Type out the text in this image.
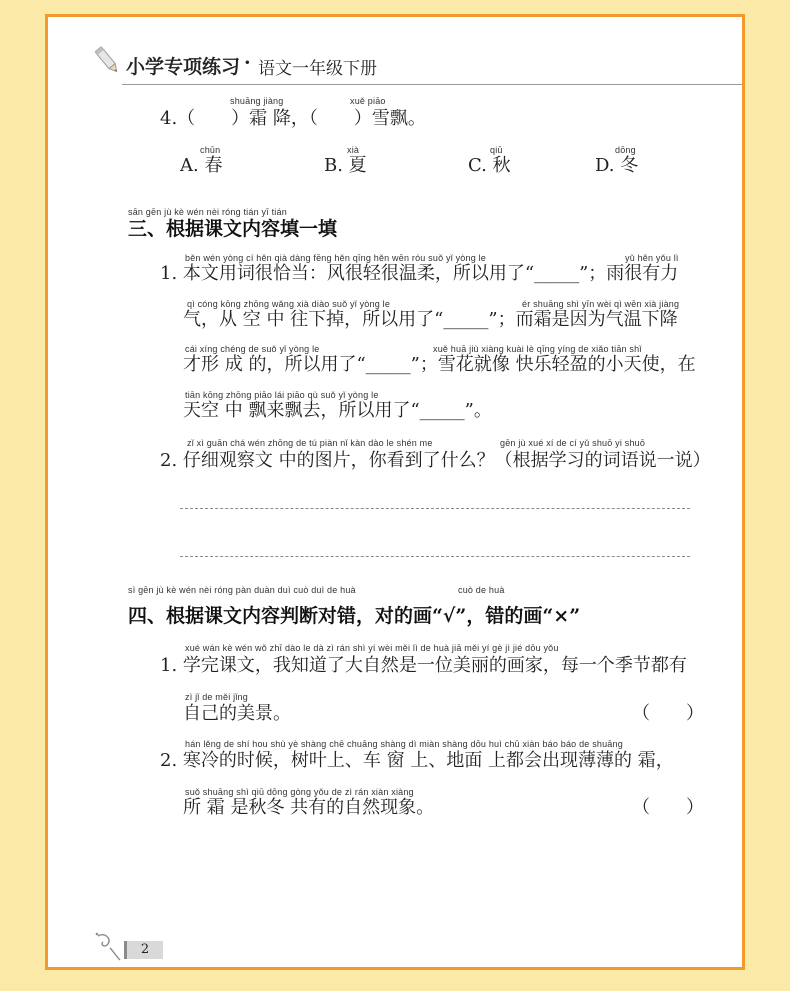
小学专项练习 · 语文一年级下册
shuāng jiàng	xuě piāo
4.（　　）霜 降，（　　）雪飘。
chūn
A. 春
xià
B. 夏
qiū
C. 秋
dōng
D. 冬
sān gēn jù kè wén nèi róng tián yī tián
三、根据课文内容填一填
běn wén yòng cí hěn qià dàng fēng hěn qīng hěn wēn róu suǒ yǐ yòng le	yǔ hěn yǒu lì
1. 本文用词很恰当：风很轻很温柔，所以用了“_____”；雨很有力
qì cóng kōng zhōng wǎng xià diào suǒ yǐ yòng le	ér shuāng shì yīn wèi qì wēn xià jiàng
气，从 空 中 往下掉，所以用了“_____”；而霜是因为气温下降
cái xíng chéng de suǒ yǐ yòng le	xuě huā jiù xiàng kuài lè qīng yíng de xiǎo tiān shǐ
才形 成 的，所以用了“_____”；雪花就像 快乐轻盈的小天使，在
tiān kōng zhōng piāo lái piāo qù suǒ yǐ yòng le
天空 中 飘来飘去，所以用了“_____”。
zǐ xì guān chá wén zhōng de tú piàn nǐ kàn dào le shén me	gēn jù xué xí de cí yǔ shuō yi shuō
2. 仔细观察文 中的图片，你看到了什么？（根据学习的词语说一说）
sì gēn jù kè wén nèi róng pàn duàn duì cuò duì de huà	cuò de huà
四、根据课文内容判断对错，对的画“√”，错的画“×”
xué wán kè wén wǒ zhī dào le dà zì rán shì yí wèi měi lì de huà jiā měi yí gè jì jié dōu yǒu
1. 学完课文，我知道了大自然是一位美丽的画家，每一个季节都有
zì jǐ de měi jǐng
自己的美景。	（　　）
hán lěng de shí hou shù yè shàng chē chuāng shàng dì miàn shàng dōu huì chū xiàn báo báo de shuāng
2. 寒冷的时候，树叶上、车 窗 上、地面 上都会出现薄薄的 霜，
suǒ shuāng shì qiū dōng gòng yǒu de zì rán xiàn xiàng
所 霜 是秋冬 共有的自然现象。	（　　）
2
